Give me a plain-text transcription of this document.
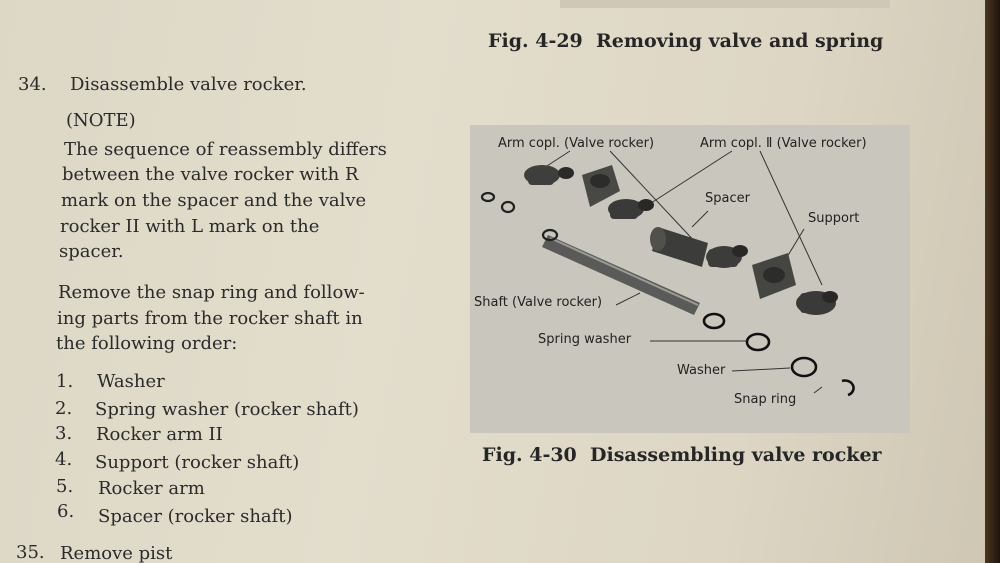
Fig. 4-29 Removing valve and spring
34. Disassemble valve rocker.
(NOTE)
The sequence of reassembly differs
between the valve rocker with R
mark on the spacer and the valve
rocker II with L mark on the
spacer.
Remove the snap ring and follow-
ing parts from the rocker shaft in
the following order:
1. Washer
2. Spring washer (rocker shaft)
3. Rocker arm II
4. Support (rocker shaft)
5. Rocker arm
6. Spacer (rocker shaft)
35. Remove pist
Arm copl. (Valve rocker)	Arm copl. Ⅱ (Valve rocker)
Spacer
Support
Shaft (Valve rocker)
Spring washer
Washer
Snap ring
Fig. 4-30 Disassembling valve rocker
